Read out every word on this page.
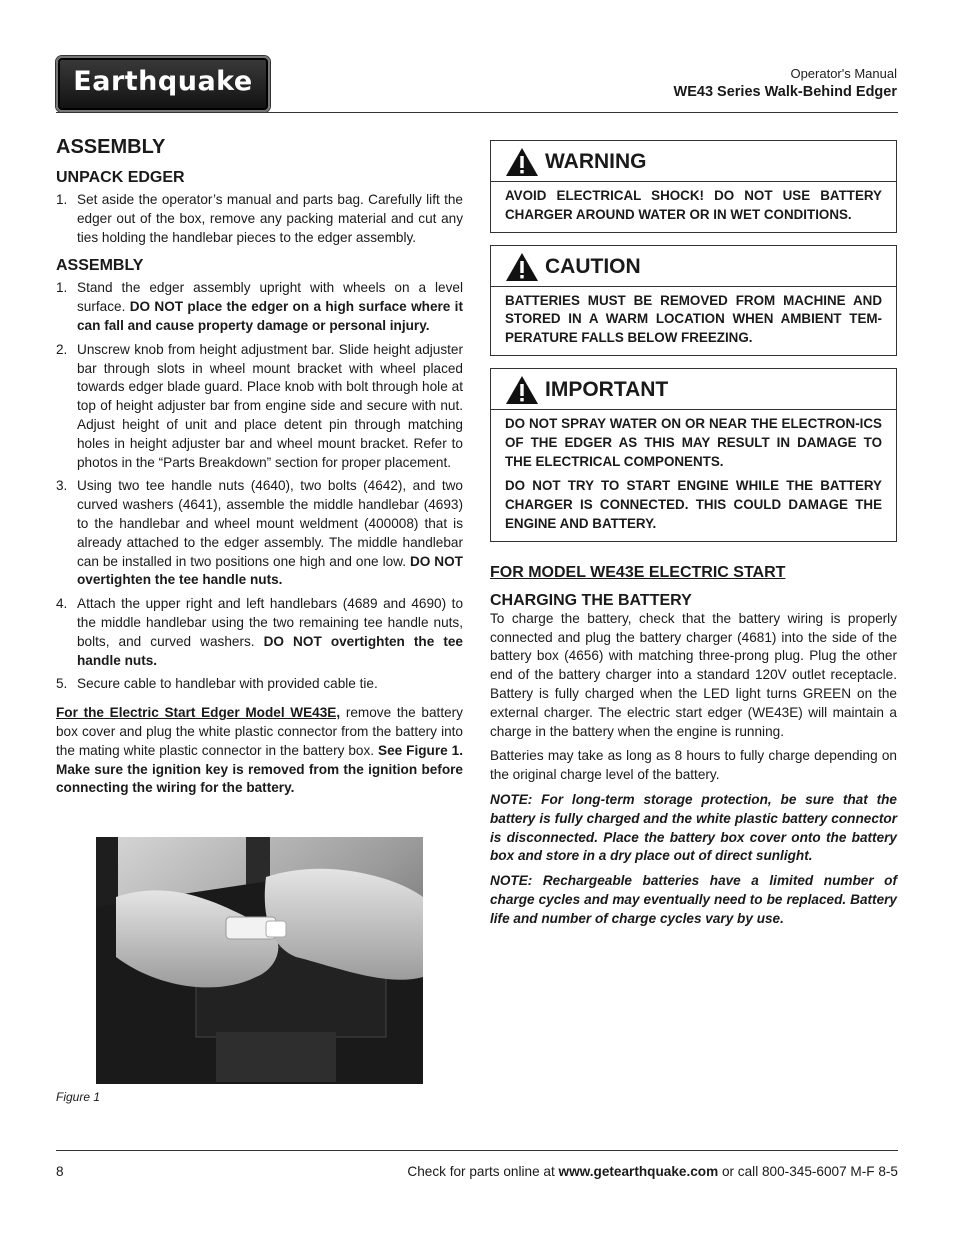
Earthquake	Operator's Manual
WE43 Series Walk-Behind Edger
ASSEMBLY
UNPACK EDGER
1. Set aside the operator’s manual and parts bag. Carefully lift the edger out of the box, remove any packing material and cut any ties holding the handlebar pieces to the edger assembly.
ASSEMBLY
1. Stand the edger assembly upright with wheels on a level surface. DO NOT place the edger on a high surface where it can fall and cause property damage or personal injury.
2. Unscrew knob from height adjustment bar. Slide height adjuster bar through slots in wheel mount bracket with wheel placed towards edger blade guard. Place knob with bolt through hole at top of height adjuster bar from engine side and secure with nut. Adjust height of unit and place detent pin through matching holes in height adjuster bar and wheel mount bracket. Refer to photos in the “Parts Breakdown” section for proper placement.
3. Using two tee handle nuts (4640), two bolts (4642), and two curved washers (4641), assemble the middle handlebar (4693) to the handlebar and wheel mount weldment (400008) that is already attached to the edger assembly. The middle handlebar can be installed in two positions one high and one low. DO NOT overtighten the tee handle nuts.
4. Attach the upper right and left handlebars (4689 and 4690) to the middle handlebar using the two remaining tee handle nuts, bolts, and curved washers. DO NOT overtighten the tee handle nuts.
5. Secure cable to handlebar with provided cable tie.

For the Electric Start Edger Model WE43E, remove the battery box cover and plug the white plastic connector from the battery into the mating white plastic connector in the battery box. See Figure 1. Make sure the ignition key is removed from the ignition before connecting the wiring for the battery.

Figure 1
WARNING

AVOID ELECTRICAL SHOCK! DO NOT USE BATTERY CHARGER AROUND WATER OR IN WET CONDITIONS.

CAUTION

BATTERIES MUST BE REMOVED FROM MACHINE AND STORED IN A WARM LOCATION WHEN AMBIENT TEM-PERATURE FALLS BELOW FREEZING.

IMPORTANT

DO NOT SPRAY WATER ON OR NEAR THE ELECTRON-ICS OF THE EDGER AS THIS MAY RESULT IN DAMAGE TO THE ELECTRICAL COMPONENTS.

DO NOT TRY TO START ENGINE WHILE THE BATTERY CHARGER IS CONNECTED. THIS COULD DAMAGE THE ENGINE AND BATTERY.

FOR MODEL WE43E ELECTRIC START
CHARGING THE BATTERY

To charge the battery, check that the battery wiring is properly connected and plug the battery charger (4681) into the side of the battery box (4656) with matching three-prong plug. Plug the other end of the battery charger into a standard 120V outlet receptacle. Battery is fully charged when the LED light turns GREEN on the external charger. The electric start edger (WE43E) will maintain a charge in the battery when the engine is running.

Batteries may take as long as 8 hours to fully charge depending on the original charge level of the battery.

NOTE: For long-term storage protection, be sure that the battery is fully charged and the white plastic battery connector is disconnected. Place the battery box cover onto the battery box and store in a dry place out of direct sunlight.

NOTE: Rechargeable batteries have a limited number of charge cycles and may eventually need to be replaced. Battery life and number of charge cycles vary by use.

8	Check for parts online at www.getearthquake.com or call 800-345-6007 M-F 8-5
